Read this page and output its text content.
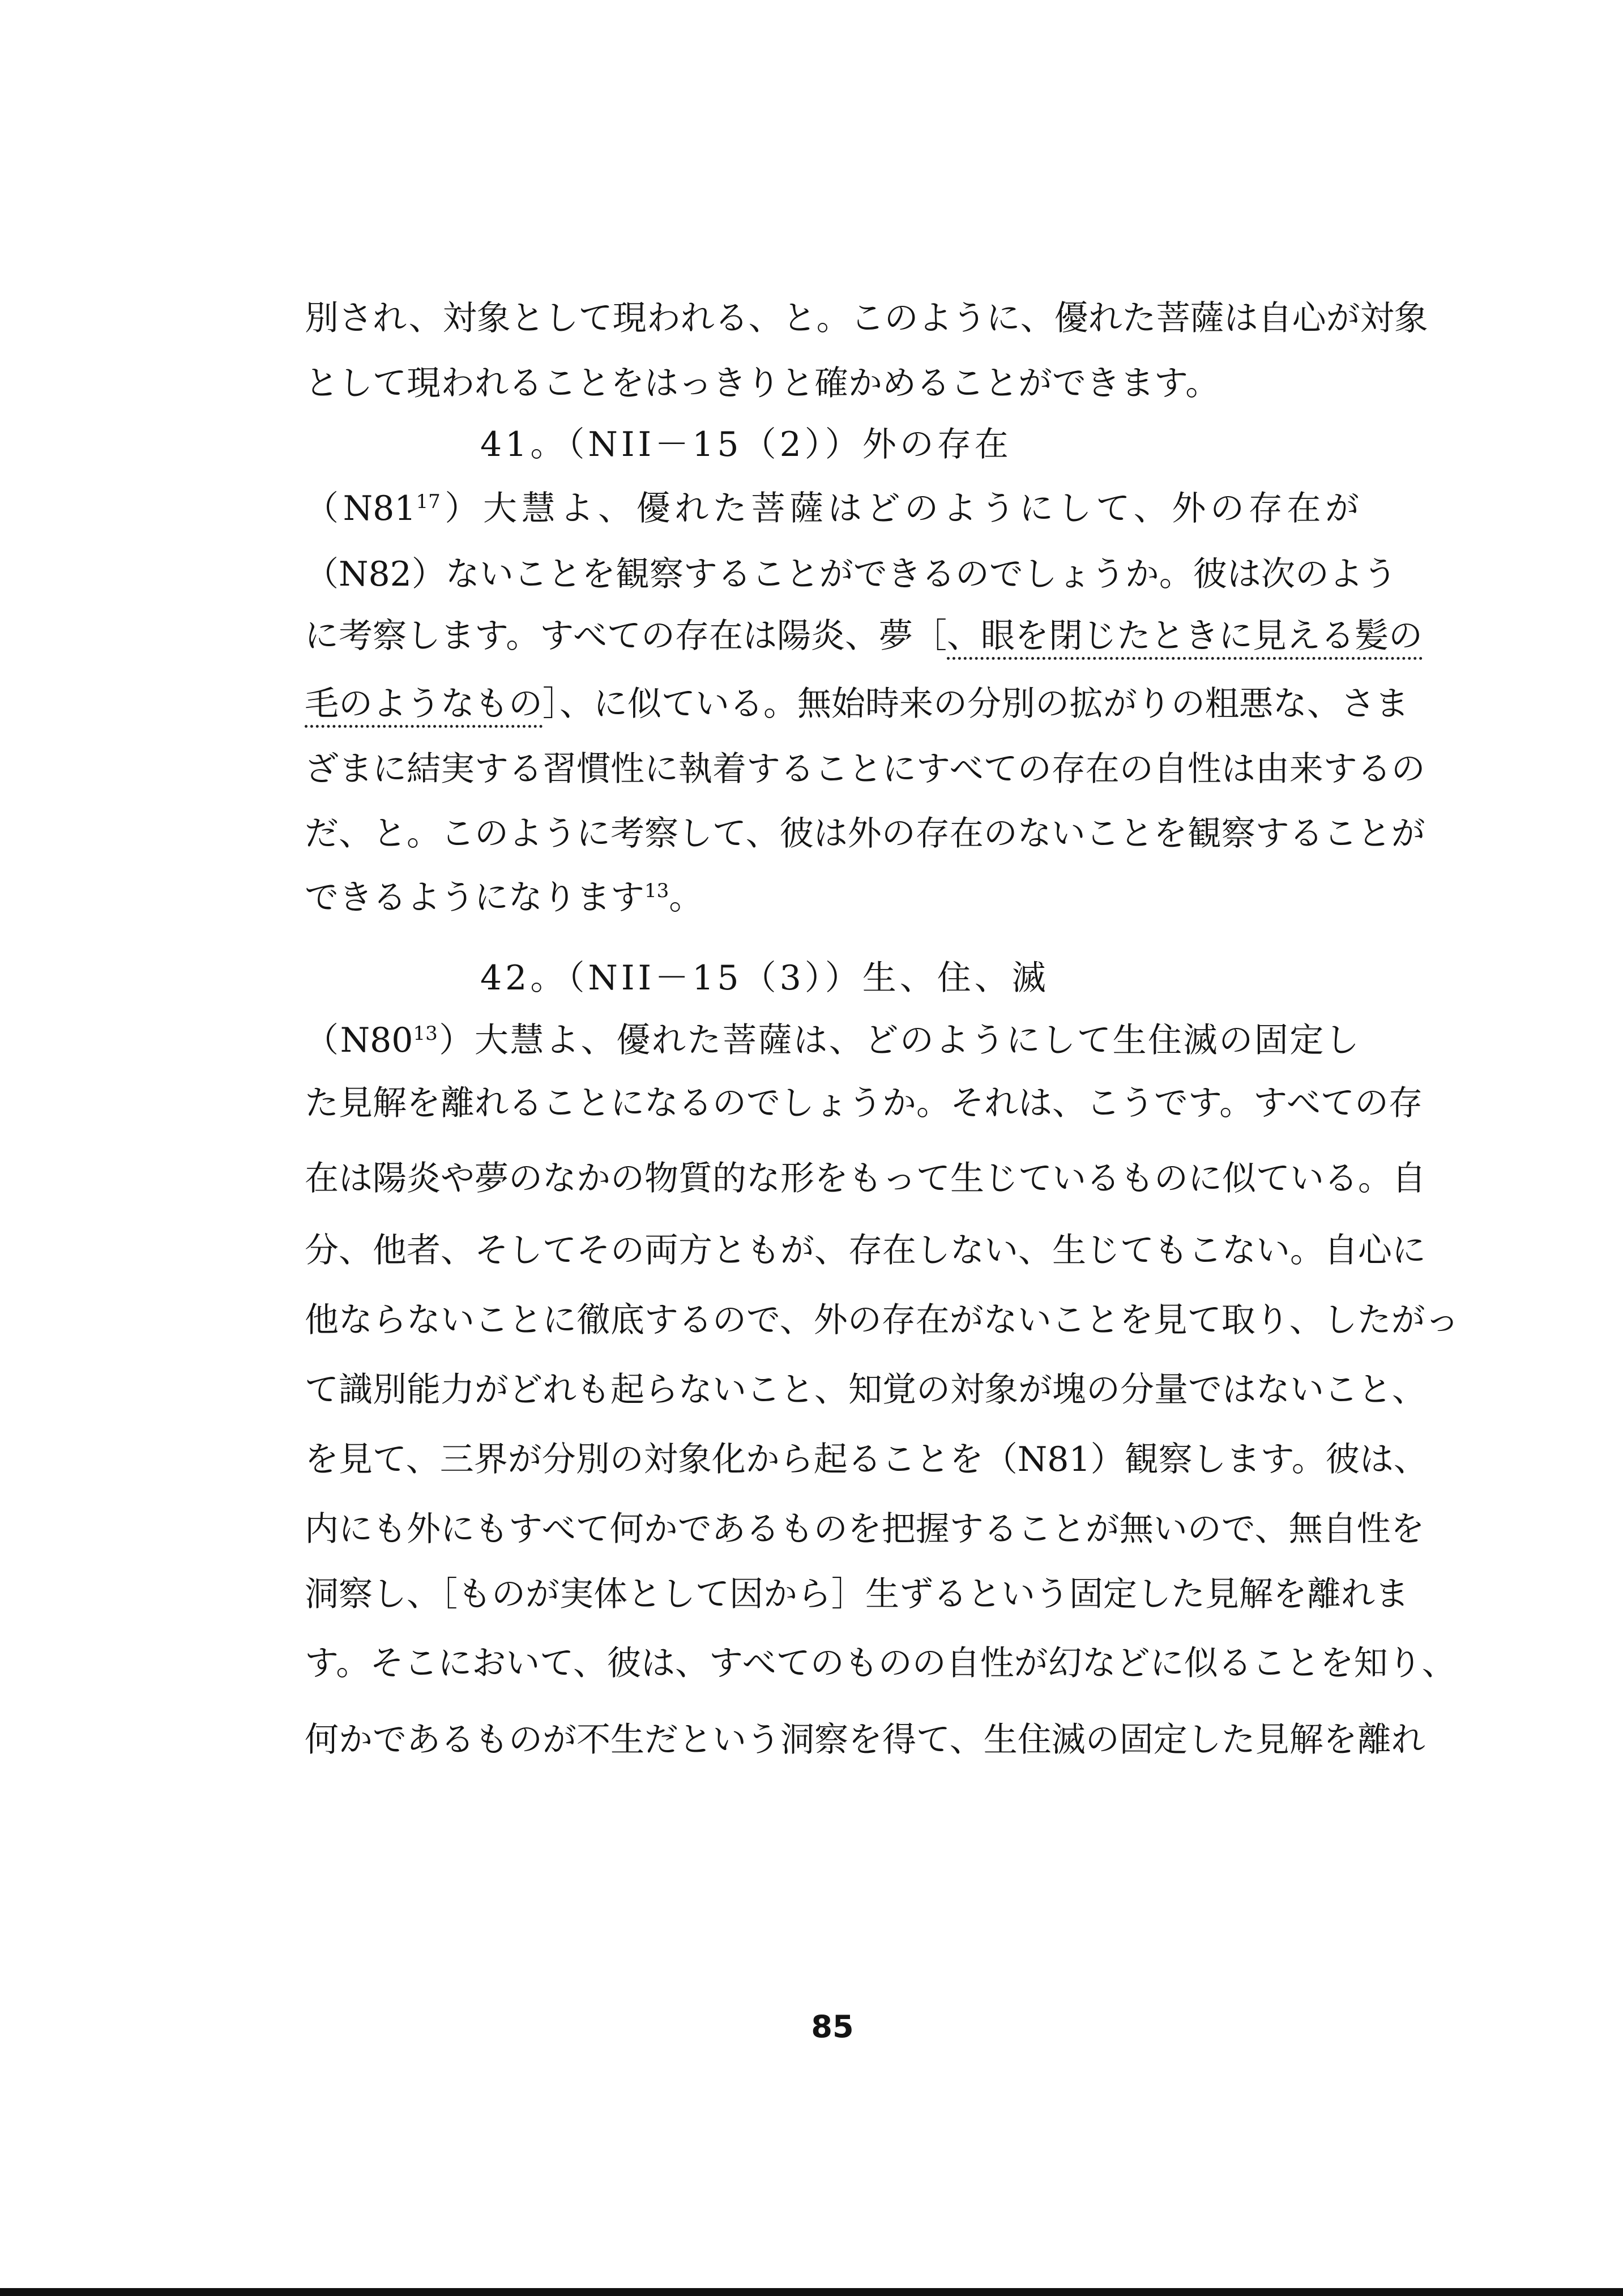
別され、対象として現われる、と。このように、優れた菩薩は自心が対象
として現われることをはっきりと確かめることができます。
41。（NII－15（2））外の存在
$(N81^{17})$大慧よ、優れた菩薩はどのようにして、外の存在が
（N82）ないことを観察することができるのでしょうか。彼は次のよう
に考察します。すべての存在は陽炎、夢［、眼を閉じたときに見える髪の
毛のようなもの］、に似ている。無始時来の分別の拡がりの粗悪な、さま
ざまに結実する習慣性に執着することにすべての存在の自性は由来するの
だ、と。このように考察して、彼は外の存在のないことを観察することが
できるようになります$^{13}$。
42。（NII－15（3））生、住、滅
$(N80^{13})$大慧よ、優れた菩薩は、どのようにして生住滅の固定し
た見解を離れることになるのでしょうか。それは、こうです。すべての存
在は陽炎や夢のなかの物質的な形をもって生じているものに似ている。自
分、他者、そしてその両方ともが、存在しない、生じてもこない。自心に
他ならないことに徹底するので、外の存在がないことを見て取り、したがっ
て識別能力がどれも起らないこと、知覚の対象が塊の分量ではないこと、
を見て、三界が分別の対象化から起ることを（N81）観察します。彼は、
内にも外にもすべて何かであるものを把握することが無いので、無自性を
洞察し、［ものが実体として因から］生ずるという固定した見解を離れま
す。そこにおいて、彼は、すべてのものの自性が幻などに似ることを知り、
何かであるものが不生だという洞察を得て、生住滅の固定した見解を離れ
85
